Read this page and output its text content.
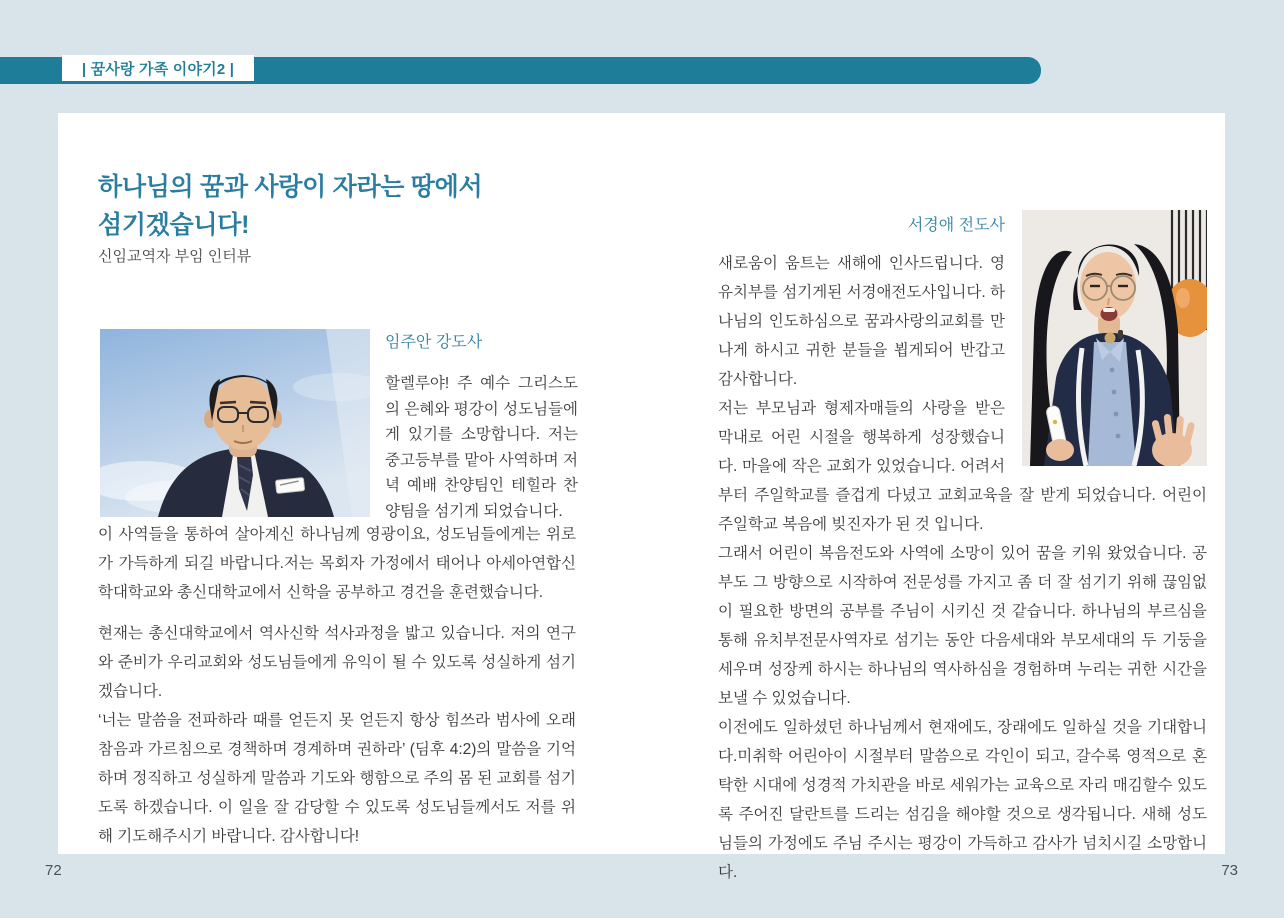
| 꿈사랑 가족 이야기2 |
하나님의 꿈과 사랑이 자라는 땅에서
섬기겠습니다!
신임교역자 부임 인터뷰
임주안 강도사

할렐루야! 주 예수 그리스도의 은혜와 평강이 성도님들에게 있기를 소망합니다. 저는 중고등부를 맡아 사역하며 저녁 예배 찬양팀인 테힐라 찬양팀을 섬기게 되었습니다.

이 사역들을 통하여 살아계신 하나님께 영광이요, 성도님들에게는 위로가 가득하게 되길 바랍니다.저는 목회자 가정에서 태어나 아세아연합신학대학교와 총신대학교에서 신학을 공부하고 경건을 훈련했습니다.

현재는 총신대학교에서 역사신학 석사과정을 밟고 있습니다. 저의 연구와 준비가 우리교회와 성도님들에게 유익이 될 수 있도록 성실하게 섬기겠습니다.

‘너는 말씀을 전파하라 때를 얻든지 못 얻든지 항상 힘쓰라 범사에 오래 참음과 가르침으로 경책하며 경계하며 권하라’ (딤후 4:2)의 말씀을 기억하며 정직하고 성실하게 말씀과 기도와 행함으로 주의 몸 된 교회를 섬기도록 하겠습니다. 이 일을 잘 감당할 수 있도록 성도님들께서도 저를 위해 기도해주시기 바랍니다. 감사합니다!

서경애 전도사

새로움이 움트는 새해에 인사드립니다. 영유치부를 섬기게된 서경애전도사입니다. 하나님의 인도하심으로 꿈과사랑의교회를 만나게 하시고 귀한 분들을 뵙게되어 반갑고 감사합니다.

저는 부모님과 형제자매들의 사랑을 받은 막내로 어린 시절을 행복하게 성장했습니다. 마을에 작은 교회가 있었습니다. 어려서부터 주일학교를 즐겁게 다녔고 교회교육을 잘 받게 되었습니다. 어린이 주일학교 복음에 빚진자가 된 것 입니다.

그래서 어린이 복음전도와 사역에 소망이 있어 꿈을 키워 왔었습니다. 공부도 그 방향으로 시작하여 전문성를 가지고 좀 더 잘 섬기기 위해 끊임없이 필요한 방면의 공부를 주님이 시키신 것 같습니다. 하나님의 부르심을 통해 유치부전문사역자로 섬기는 동안 다음세대와 부모세대의 두 기둥을 세우며 성장케 하시는 하나님의 역사하심을 경험하며 누리는 귀한 시간을 보낼 수 있었습니다.

이전에도 일하셨던 하나님께서 현재에도, 장래에도 일하실 것을 기대합니다.미취학 어린아이 시절부터 말씀으로 각인이 되고, 갈수록 영적으로 혼탁한 시대에 성경적 가치관을 바로 세워가는 교육으로 자리 매김할수 있도록 주어진 달란트를 드리는 섬김을 해야할 것으로 생각됩니다. 새해 성도님들의 가정에도 주님 주시는 평강이 가득하고 감사가 넘치시길 소망합니다.

72	73
